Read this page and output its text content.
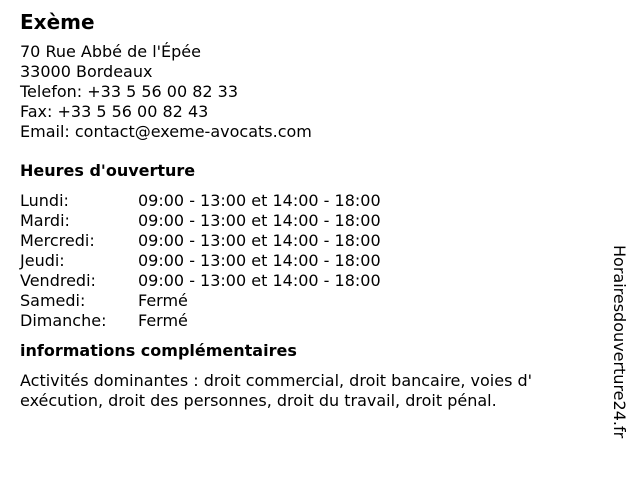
Exème
70 Rue Abbé de l'Épée
33000 Bordeaux
Telefon: +33 5 56 00 82 33
Fax: +33 5 56 00 82 43
Email: contact@exeme-avocats.com
Heures d'ouverture
Lundi:	09:00 - 13:00 et 14:00 - 18:00
Mardi:	09:00 - 13:00 et 14:00 - 18:00
Mercredi:	09:00 - 13:00 et 14:00 - 18:00
Jeudi:	09:00 - 13:00 et 14:00 - 18:00
Vendredi:	09:00 - 13:00 et 14:00 - 18:00
Samedi:	Fermé
Dimanche:	Fermé
informations complémentaires
Activités dominantes : droit commercial, droit bancaire, voies d' exécution, droit des personnes, droit du travail, droit pénal.	Horairesdouverture24.fr
